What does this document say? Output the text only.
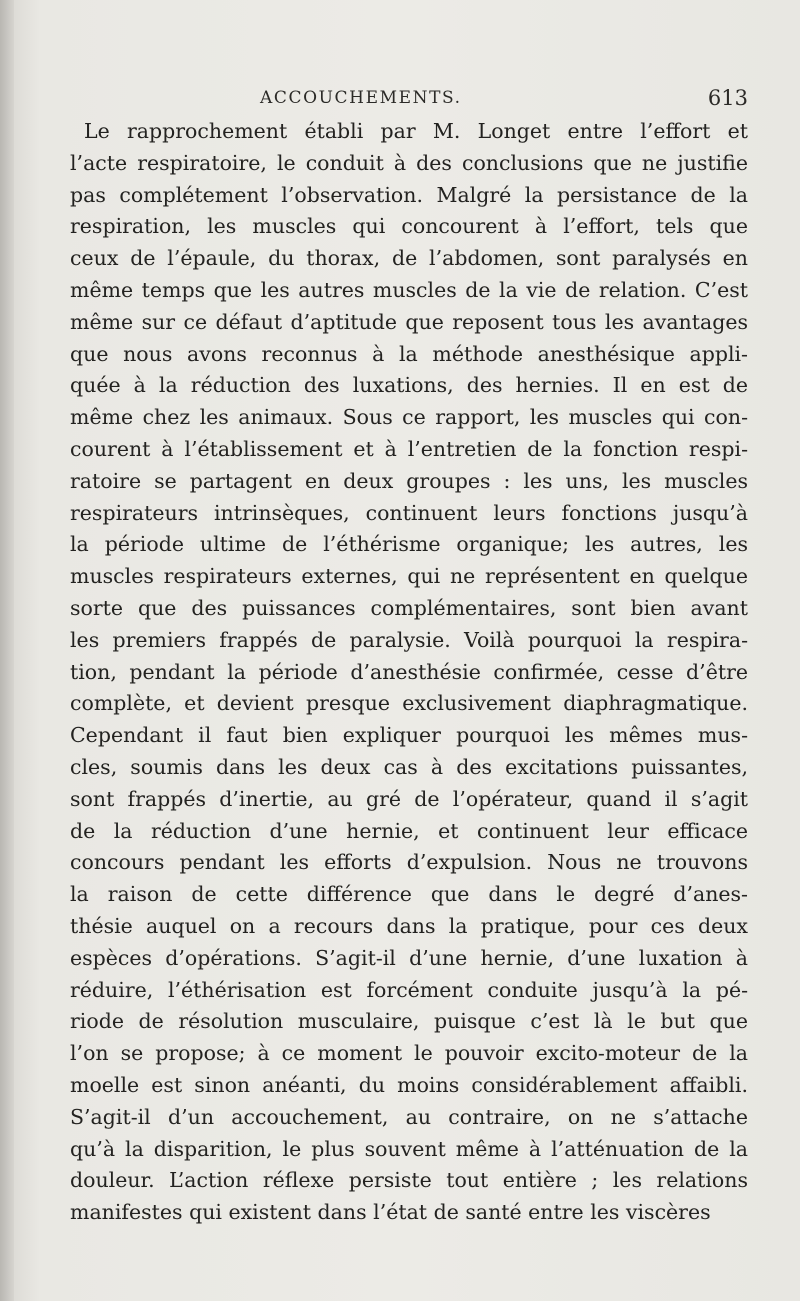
ACCOUCHEMENTS.	613
Le rapprochement établi par M. Longet entre l’effort et
l’acte respiratoire, le conduit à des conclusions que ne justifie
pas complétement l’observation. Malgré la persistance de la
respiration, les muscles qui concourent à l’effort, tels que
ceux de l’épaule, du thorax, de l’abdomen, sont paralysés en
même temps que les autres muscles de la vie de relation. C’est
même sur ce défaut d’aptitude que reposent tous les avantages
que nous avons reconnus à la méthode anesthésique appli-
quée à la réduction des luxations, des hernies. Il en est de
même chez les animaux. Sous ce rapport, les muscles qui con-
courent à l’établissement et à l’entretien de la fonction respi-
ratoire se partagent en deux groupes : les uns, les muscles
respirateurs intrinsèques, continuent leurs fonctions jusqu’à
la période ultime de l’éthérisme organique; les autres, les
muscles respirateurs externes, qui ne représentent en quelque
sorte que des puissances complémentaires, sont bien avant
les premiers frappés de paralysie. Voilà pourquoi la respira-
tion, pendant la période d’anesthésie confirmée, cesse d’être
complète, et devient presque exclusivement diaphragmatique.
Cependant il faut bien expliquer pourquoi les mêmes mus-
cles, soumis dans les deux cas à des excitations puissantes,
sont frappés d’inertie, au gré de l’opérateur, quand il s’agit
de la réduction d’une hernie, et continuent leur efficace
concours pendant les efforts d’expulsion. Nous ne trouvons
la raison de cette différence que dans le degré d’anes-
thésie auquel on a recours dans la pratique, pour ces deux
espèces d’opérations. S’agit-il d’une hernie, d’une luxation à
réduire, l’éthérisation est forcément conduite jusqu’à la pé-
riode de résolution musculaire, puisque c’est là le but que
l’on se propose; à ce moment le pouvoir excito-moteur de la
moelle est sinon anéanti, du moins considérablement affaibli.
S’agit-il d’un accouchement, au contraire, on ne s’attache
qu’à la disparition, le plus souvent même à l’atténuation de la
douleur. L’action réflexe persiste tout entière ; les relations
manifestes qui existent dans l’état de santé entre les viscères
